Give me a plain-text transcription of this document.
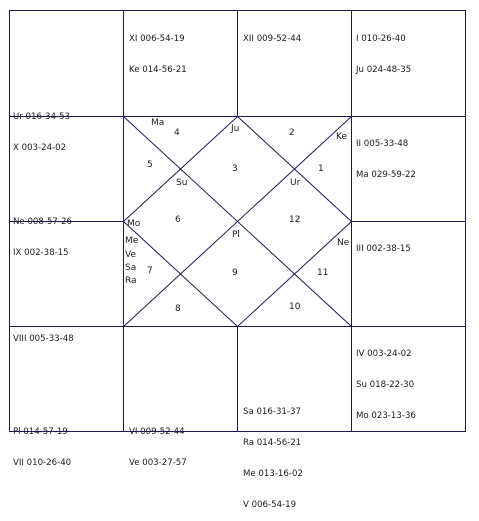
Ur 016-34-53

X 003-24-02

XI 006-54-19

Ke 014-56-21

XII 009-52-44

	I 010-26-40

Ju 024-48-35

II 005-33-48

Ma 029-59-22

III 002-38-15

IV 003-24-02

Su 018-22-30

Mo 023-13-36

Sa 016-31-37

Ra 014-56-21

Me 013-16-02

V 006-54-19

VI 009-52-44

Ve 003-27-57

Pl 014-57-19

VII 010-26-40

VIII 005-33-48

Ne 008-57-26

IX 002-38-15

1
2
3
4
5
6
7
8
9
10
11
12
Ma
Ju
Ke
Su	Ur
Mo
Pl
Ne
Me
Ve
Sa
Ra
